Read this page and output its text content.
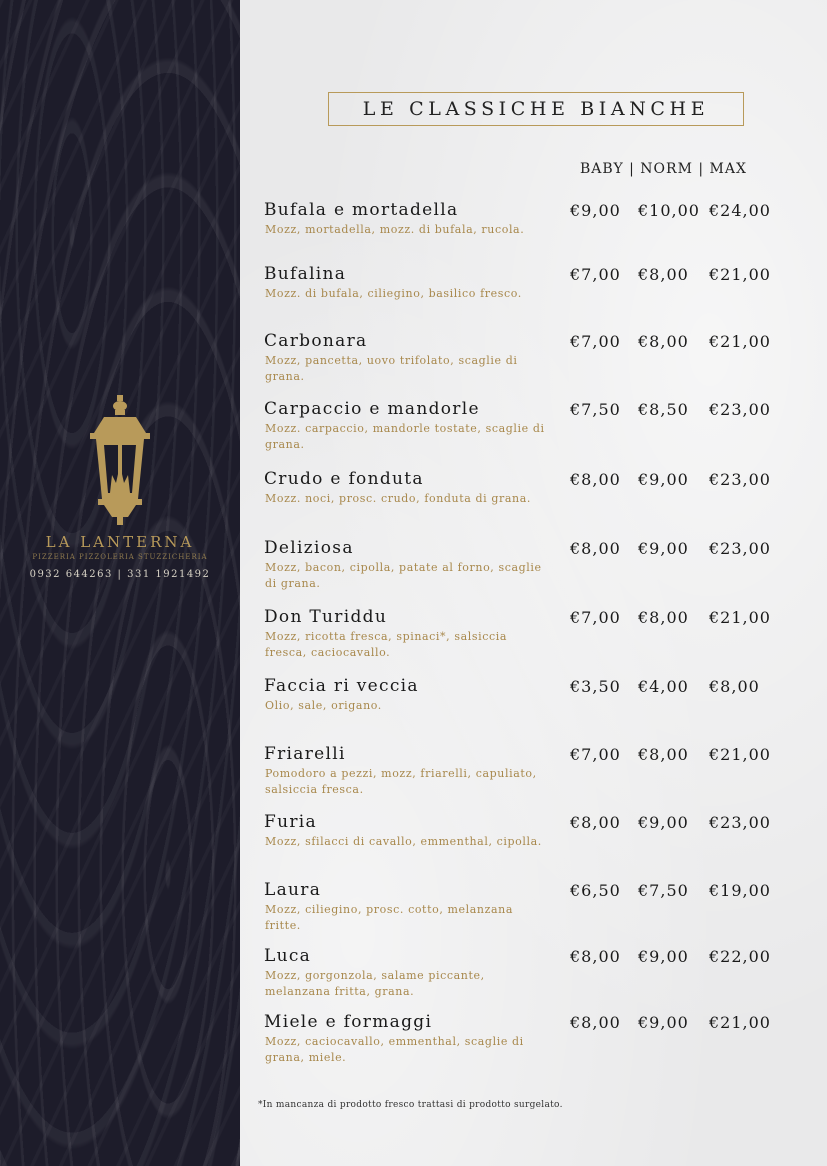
LA LANTERNA
PIZZERIA PIZZOLERIA STUZZICHERIA
0932 644263 | 331 1921492
LE CLASSICHE BIANCHE
BABY | NORM | MAX
Bufala e mortadella
Mozz, mortadella, mozz. di bufala, rucola.
€9,00 €10,00 €24,00
Bufalina
Mozz. di bufala, ciliegino, basilico fresco.
€7,00 €8,00 €21,00
Carbonara
Mozz, pancetta, uovo trifolato, scaglie di grana.
€7,00 €8,00 €21,00
Carpaccio e mandorle
Mozz. carpaccio, mandorle tostate, scaglie di grana.
€7,50 €8,50 €23,00
Crudo e fonduta
Mozz. noci, prosc. crudo, fonduta di grana.
€8,00 €9,00 €23,00
Deliziosa
Mozz, bacon, cipolla, patate al forno, scaglie di grana.
€8,00 €9,00 €23,00
Don Turiddu
Mozz, ricotta fresca, spinaci*, salsiccia fresca, caciocavallo.
€7,00 €8,00 €21,00
Faccia ri veccia
Olio, sale, origano.
€3,50 €4,00 €8,00
Friarelli
Pomodoro a pezzi, mozz, friarelli, capuliato, salsiccia fresca.
€7,00 €8,00 €21,00
Furia
Mozz, sfilacci di cavallo, emmenthal, cipolla.
€8,00 €9,00 €23,00
Laura
Mozz, ciliegino, prosc. cotto, melanzana fritte.
€6,50 €7,50 €19,00
Luca
Mozz, gorgonzola, salame piccante, melanzana fritta, grana.
€8,00 €9,00 €22,00
Miele e formaggi
Mozz, caciocavallo, emmenthal, scaglie di grana, miele.
€8,00 €9,00 €21,00
*In mancanza di prodotto fresco trattasi di prodotto surgelato.
